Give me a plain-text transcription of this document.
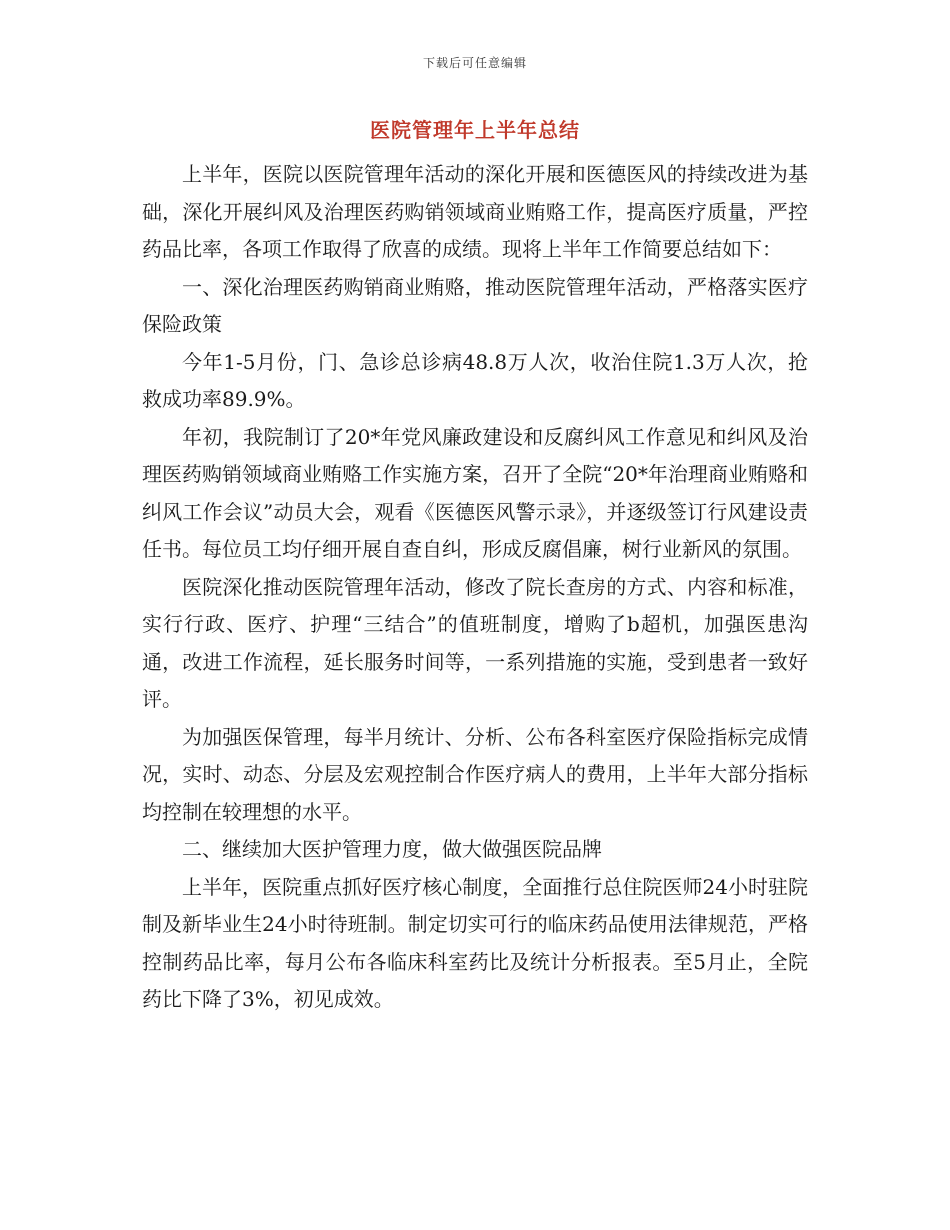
下载后可任意编辑
医院管理年上半年总结

上半年，医院以医院管理年活动的深化开展和医德医风的持续改进为基础，深化开展纠风及治理医药购销领域商业贿赂工作，提高医疗质量，严控药品比率，各项工作取得了欣喜的成绩。现将上半年工作简要总结如下：

一、深化治理医药购销商业贿赂，推动医院管理年活动，严格落实医疗保险政策

今年1-5月份，门、急诊总诊病48.8万人次，收治住院1.3万人次，抢救成功率89.9%。

年初，我院制订了20*年党风廉政建设和反腐纠风工作意见和纠风及治理医药购销领域商业贿赂工作实施方案，召开了全院“20*年治理商业贿赂和纠风工作会议”动员大会，观看《医德医风警示录》，并逐级签订行风建设责任书。每位员工均仔细开展自查自纠，形成反腐倡廉，树行业新风的氛围。

医院深化推动医院管理年活动，修改了院长查房的方式、内容和标准，实行行政、医疗、护理“三结合”的值班制度，增购了b超机，加强医患沟通，改进工作流程，延长服务时间等，一系列措施的实施，受到患者一致好评。

为加强医保管理，每半月统计、分析、公布各科室医疗保险指标完成情况，实时、动态、分层及宏观控制合作医疗病人的费用，上半年大部分指标均控制在较理想的水平。

二、继续加大医护管理力度，做大做强医院品牌

上半年，医院重点抓好医疗核心制度，全面推行总住院医师24小时驻院制及新毕业生24小时待班制。制定切实可行的临床药品使用法律规范，严格控制药品比率，每月公布各临床科室药比及统计分析报表。至5月止，全院药比下降了3%，初见成效。
